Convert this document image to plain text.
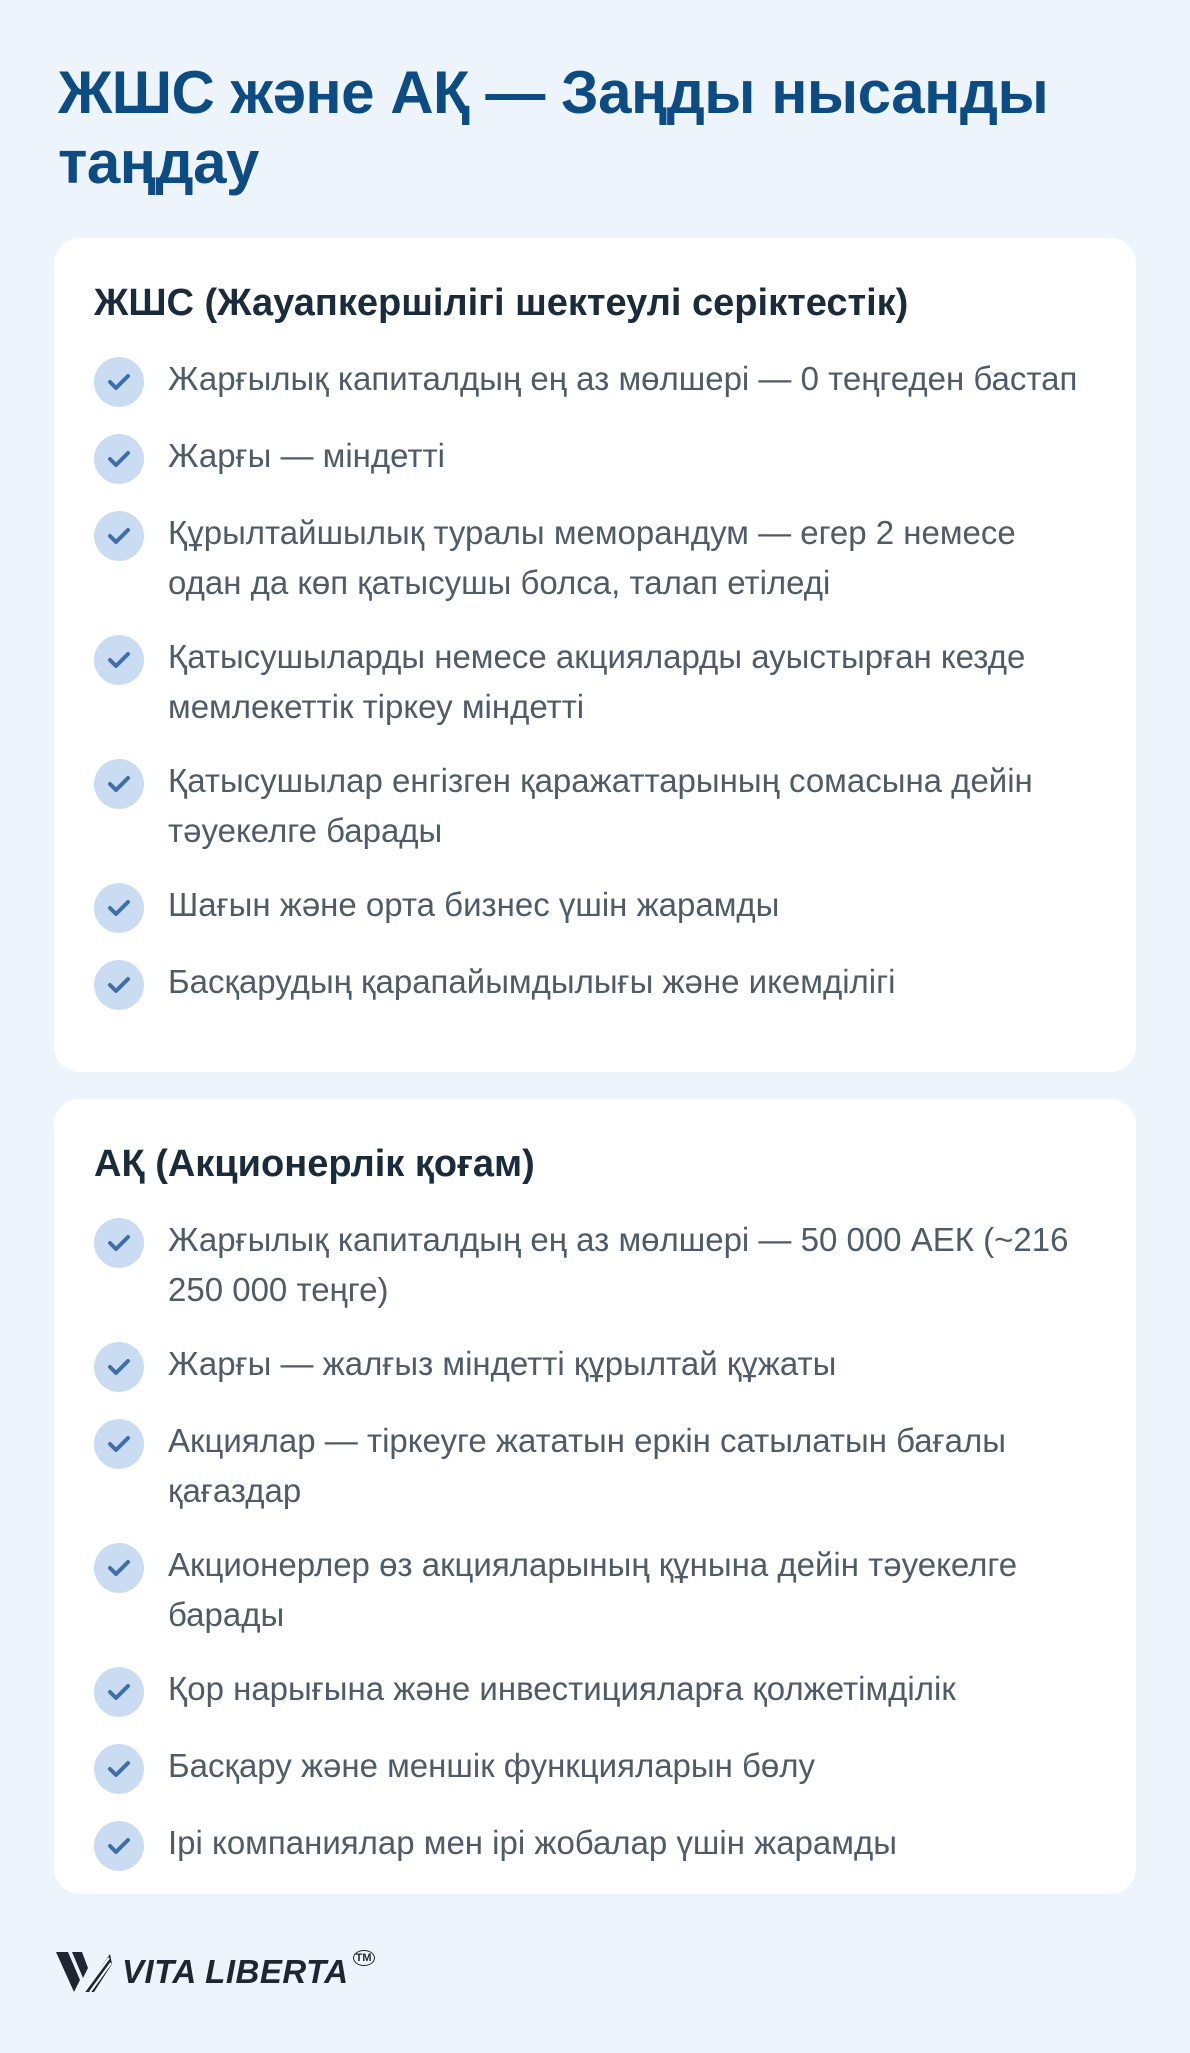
ЖШС және АҚ — Заңды нысанды таңдау
ЖШС (Жауапкершілігі шектеулі серіктестік)
Жарғылық капиталдың ең аз мөлшері — 0 теңгеден бастап
Жарғы — міндетті
Құрылтайшылық туралы меморандум — егер 2 немесе одан да көп қатысушы болса, талап етіледі
Қатысушыларды немесе акцияларды ауыстырған кезде мемлекеттік тіркеу міндетті
Қатысушылар енгізген қаражаттарының сомасына дейін тәуекелге барады
Шағын және орта бизнес үшін жарамды
Басқарудың қарапайымдылығы және икемділігі
АҚ (Акционерлік қоғам)
Жарғылық капиталдың ең аз мөлшері — 50 000 АЕК (~216 250 000 теңге)
Жарғы — жалғыз міндетті құрылтай құжаты
Акциялар — тіркеуге жататын еркін сатылатын бағалы қағаздар
Акционерлер өз акцияларының құнына дейін тәуекелге барады
Қор нарығына және инвестицияларға қолжетімділік
Басқару және меншік функцияларын бөлу
Ірі компаниялар мен ірі жобалар үшін жарамды
VITA LIBERTA TM
